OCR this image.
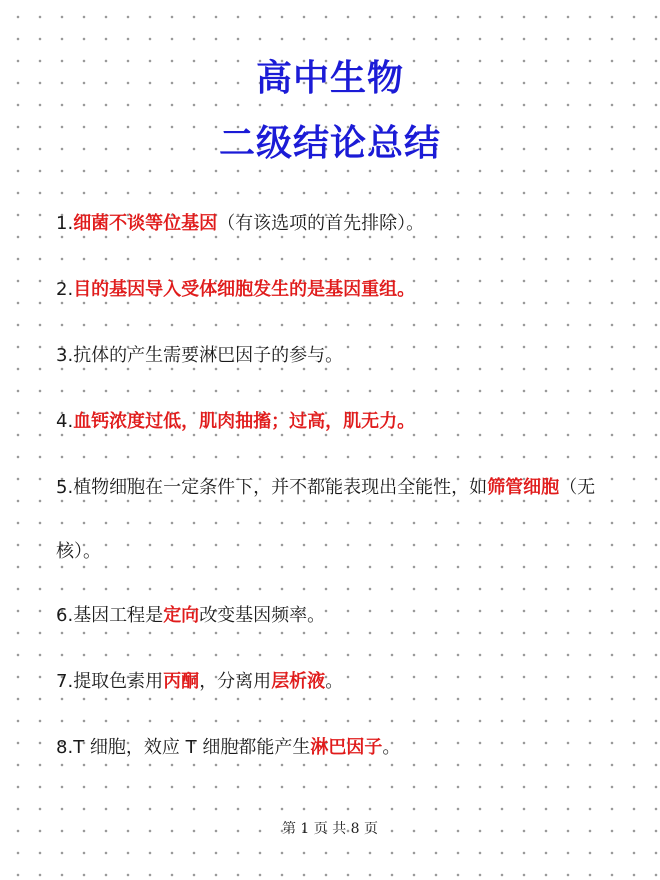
高中生物
二级结论总结
1.细菌不谈等位基因（有该选项的首先排除）。
2.目的基因导入受体细胞发生的是基因重组。
3.抗体的产生需要淋巴因子的参与。
4.血钙浓度过低，肌肉抽搐；过高，肌无力。
5.植物细胞在一定条件下，并不都能表现出全能性，如筛管细胞（无
核）。
6.基因工程是定向改变基因频率。
7.提取色素用丙酮，分离用层析液。
8.T 细胞，效应 T 细胞都能产生淋巴因子。
第 1 页 共 8 页
